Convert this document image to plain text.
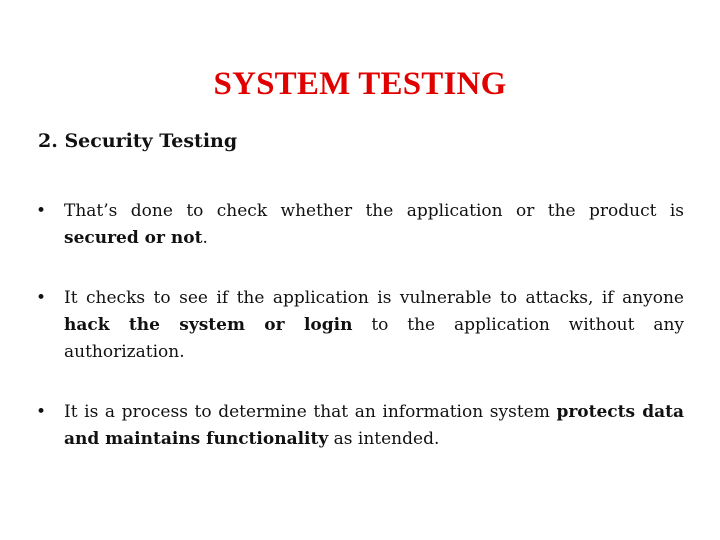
SYSTEM TESTING
2. Security Testing
• That’s done to check whether the application or the product is secured or not.
• It checks to see if the application is vulnerable to attacks, if anyone hack the system or login to the application without any authorization.
• It is a process to determine that an information system protects data and maintains functionality as intended.
